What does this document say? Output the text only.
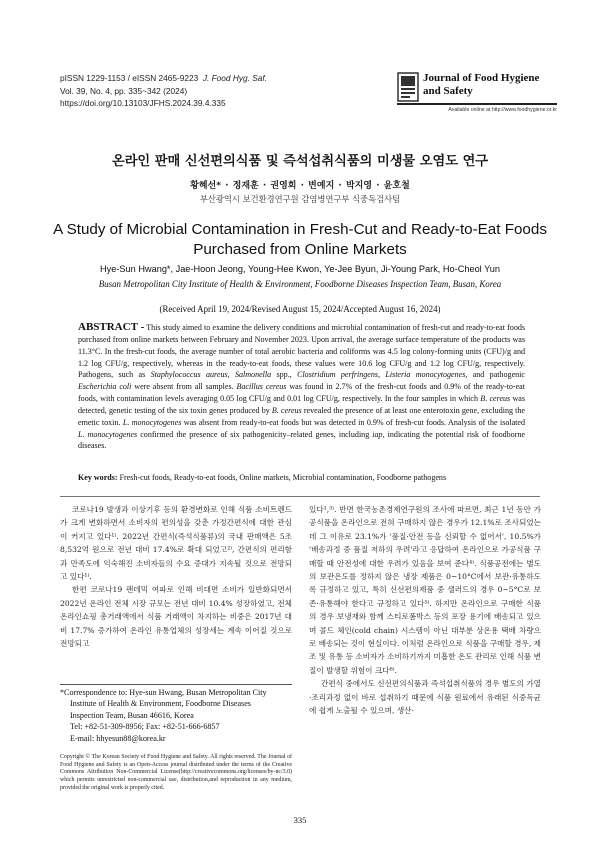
pISSN 1229-1153 / eISSN 2465-9223 J. Food Hyg. Saf.
Vol. 39, No. 4, pp. 335~342 (2024)
https://doi.org/10.13103/JFHS.2024.39.4.335
Journal of Food Hygiene
and Safety
Available online at http://www.foodhygiene.or.kr
온라인 판매 신선편의식품 및 즉석섭취식품의 미생물 오염도 연구
황혜선* · 정재훈 · 권영희 · 변예지 · 박지영 · 윤호철
부산광역시 보건환경연구원 감염병연구부 식중독검사팀
A Study of Microbial Contamination in Fresh-Cut and Ready-to-Eat Foods
Purchased from Online Markets
Hye-Sun Hwang*, Jae-Hoon Jeong, Young-Hee Kwon, Ye-Jee Byun, Ji-Young Park, Ho-Cheol Yun
Busan Metropolitan City Institute of Health & Environment, Foodborne Diseases Inspection Team, Busan, Korea
(Received April 19, 2024/Revised August 15, 2024/Accepted August 16, 2024)
ABSTRACT - This study aimed to examine the delivery conditions and microbial contamination of fresh-cut and ready-to-eat foods purchased from online markets between February and November 2023. Upon arrival, the average surface temperature of the products was 11.3°C. In the fresh-cut foods, the average number of total aerobic bacteria and coliforms was 4.5 log colony-forming units (CFU)/g and 1.2 log CFU/g, respectively, whereas in the ready-to-eat foods, these values were 10.6 log CFU/g and 1.2 log CFU/g, respectively. Pathogens, such as Staphylococcus aureus, Salmonella spp., Clostridium perfringens, Listeria monocytogenes, and pathogenic Escherichia coli were absent from all samples. Bacillus cereus was found in 2.7% of the fresh-cut foods and 0.9% of the ready-to-eat foods, with contamination levels averaging 0.05 log CFU/g and 0.01 log CFU/g, respectively. In the four samples in which B. cereus was detected, genetic testing of the six toxin genes produced by B. cereus revealed the presence of at least one enterotoxin gene, excluding the emetic toxin. L. monocytogenes was absent from ready-to-eat foods but was detected in 0.9% of fresh-cut foods. Analysis of the isolated L. monocytogenes confirmed the presence of six pathogenicity–related genes, including iap, indicating the potential risk of foodborne diseases.
Key words: Fresh-cut foods, Ready-to-eat foods, Online markets, Microbial contamination, Foodborne pathogens

코로나19 발생과 이상기후 등의 환경변화로 인해 식품 소비트렌드가 크게 변화하면서 소비자의 편의성을 갖춘 가정간편식에 대한 관심이 커지고 있다¹⁾. 2022년 간편식(즉석식품류)의 국내 판매액은 5조 8,532억 원으로 전년 대비 17.4%로 확대 되었고²⁾, 간편식의 편리함과 만족도에 익숙해진 소비자들의 수요 증대가 지속될 것으로 전망되고 있다¹⁾.

한편 코로나19 팬데믹 여파로 인해 비대면 소비가 일반화되면서 2022년 온라인 전체 시장 규모는 전년 대비 10.4% 성장하였고, 전체 온라인쇼핑 총거래액에서 식품 거래액이 차지하는 비중은 2017년 대비 17.7% 증가하여 온라인 유통업체의 성장세는 계속 이어질 것으로 전망되고

있다¹,³⁾. 반면 한국농촌경제연구원의 조사에 따르면, 최근 1년 동안 가공식품을 온라인으로 전혀 구매하지 않은 경우가 12.1%로 조사되었는데 그 이유로 23.1%가 '품질·안전 등을 신뢰할 수 없어서', 10.5%가 '배송과정 중 품질 저하의 우려'라고 응답하여 온라인으로 가공식품 구매할 때 안전성에 대한 우려가 있음을 보여 준다⁴⁾. 식품공전에는 별도의 보관온도를 정하지 않은 냉장 제품은 0~10°C에서 보관·유통하도록 규정하고 있고, 특히 신선편의제품 중 샐러드의 경우 0~5°C로 보존·유통해야 한다고 규정하고 있다⁵⁾. 하지만 온라인으로 구매한 식품의 경우 보냉재와 함께 스티로폼박스 등의 포장 용기에 배송되고 있으며 콜드 체인(cold chain) 시스템이 아닌 대부분 상온용 택배 차량으로 배송되는 것이 현실이다. 이처럼 온라인으로 식품을 구매할 경우, 제조 및 유통 등 소비자가 소비하기까지 미흡한 온도 관리로 인해 식품 변질이 발생할 위험이 크다⁶⁾.

간편식 중에서도 신선편의식품과 즉석섭취식품의 경우 별도의 가열·조리과정 없이 바로 섭취하기 때문에 식품 원료에서 유래된 식중독균에 쉽게 노출될 수 있으며, 생산·

*Correspondence to: Hye-sun Hwang, Busan Metropolitan City
Institute of Health & Environment, Foodborne Diseases
Inspection Team, Busan 46616, Korea
Tel: +82-51-309-8956; Fax: +82-51-666-6857
E-mail: hhyesun88@korea.kr
Copyright © The Korean Society of Food Hygiene and Safety. All rights reserved. The Journal of Food Hygiene and Safety is an Open-Access journal distributed under the terms of the Creative Commons Attribution Non-Commercial License(http://creativecommons.org/licenses/by-nc/3.0) which permits unrestricted non-commercial use, distribution,and reproduction in any medium, provided the original work is properly cited.
335
